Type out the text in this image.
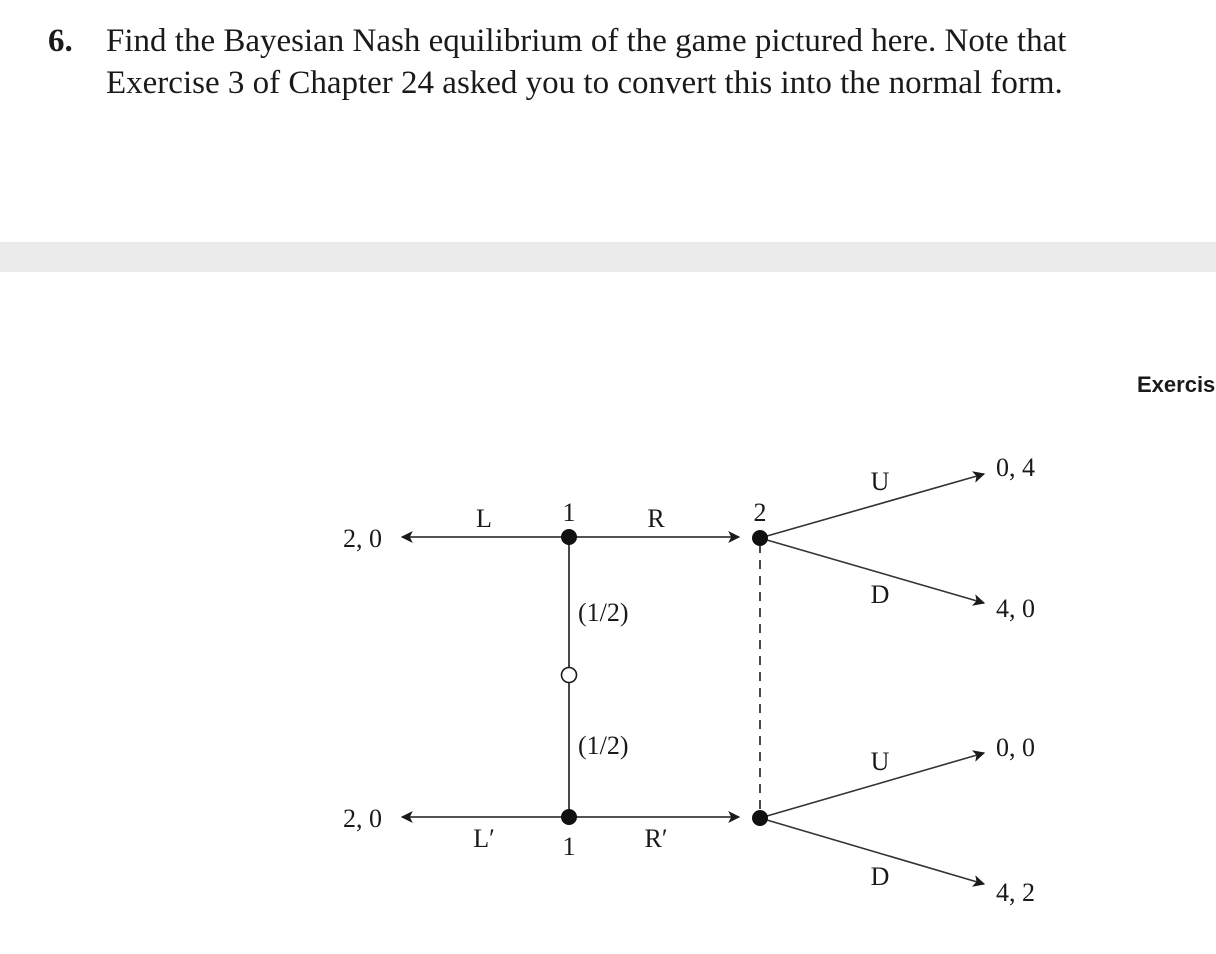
6. Find the Bayesian Nash equilibrium of the game pictured here. Note that
Exercise 3 of Chapter 24 asked you to convert this into the normal form.
Exercis
1
1
2
(1/2)
(1/2)
L	R
L′	R′
2, 0
2, 0
U
D
U
D
0, 4
4, 0
0, 0
4, 2
